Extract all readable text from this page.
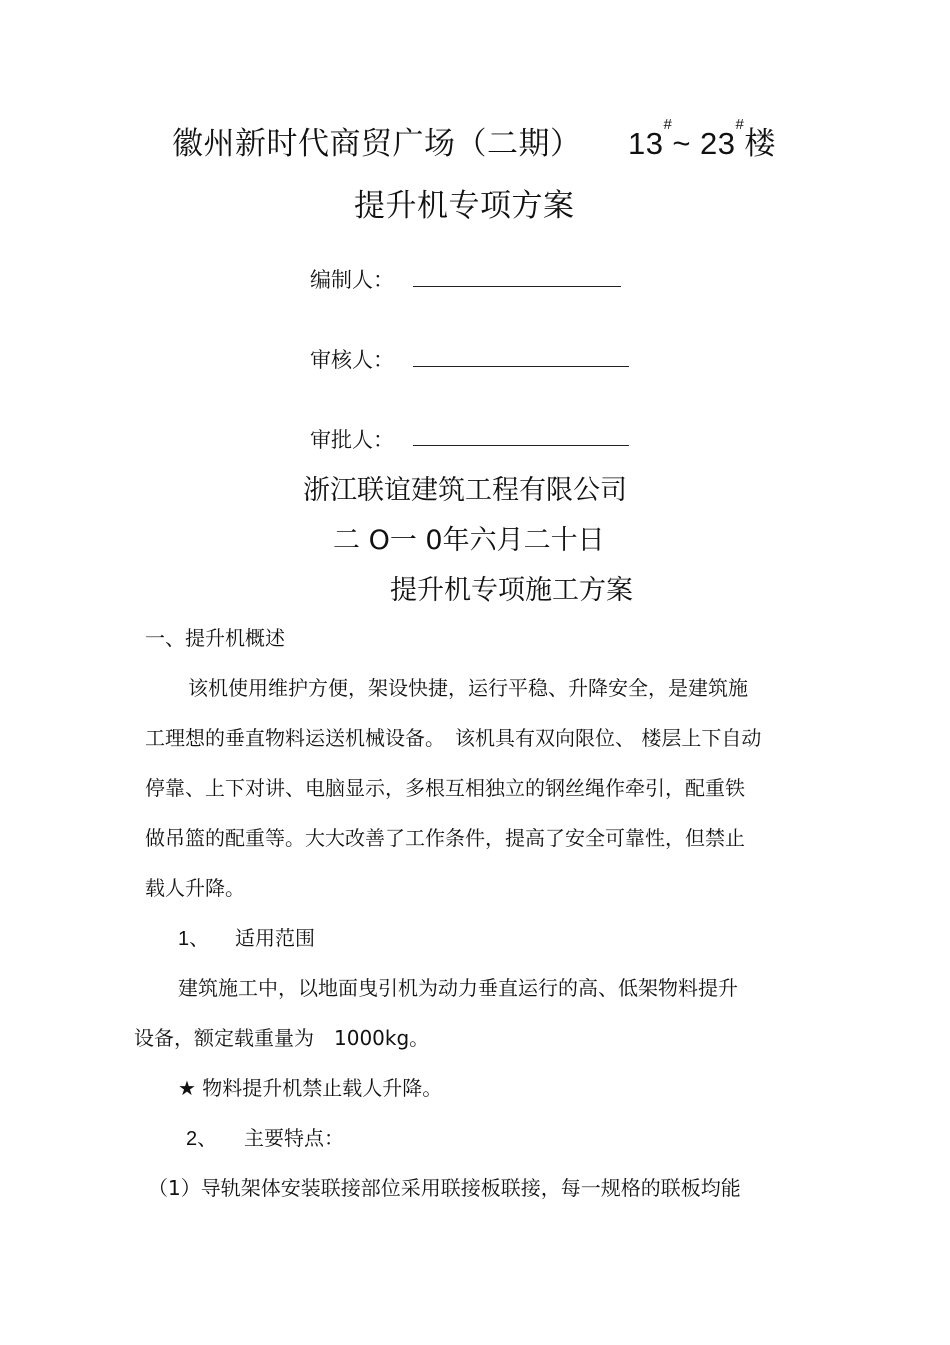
徽州新时代商贸广场（二期） 13#~ 23#楼
提升机专项方案
编制人：
审核人：
审批人：
浙江联谊建筑工程有限公司
二 O一 0年六月二十日
提升机专项施工方案
一、提升机概述
该机使用维护方便，架设快捷，运行平稳、升降安全，是建筑施
工理想的垂直物料运送机械设备。　该机具有双向限位、 楼层上下自动
停靠、上下对讲、电脑显示，多根互相独立的钢丝绳作牵引，配重铁
做吊篮的配重等。大大改善了工作条件，提高了安全可靠性，但禁止
载人升降。
1、 适用范围
建筑施工中，以地面曳引机为动力垂直运行的高、低架物料提升
设备，额定载重量为　1000kg。
★ 物料提升机禁止载人升降。
2、 主要特点：
（1）导轨架体安装联接部位采用联接板联接，每一规格的联板均能
